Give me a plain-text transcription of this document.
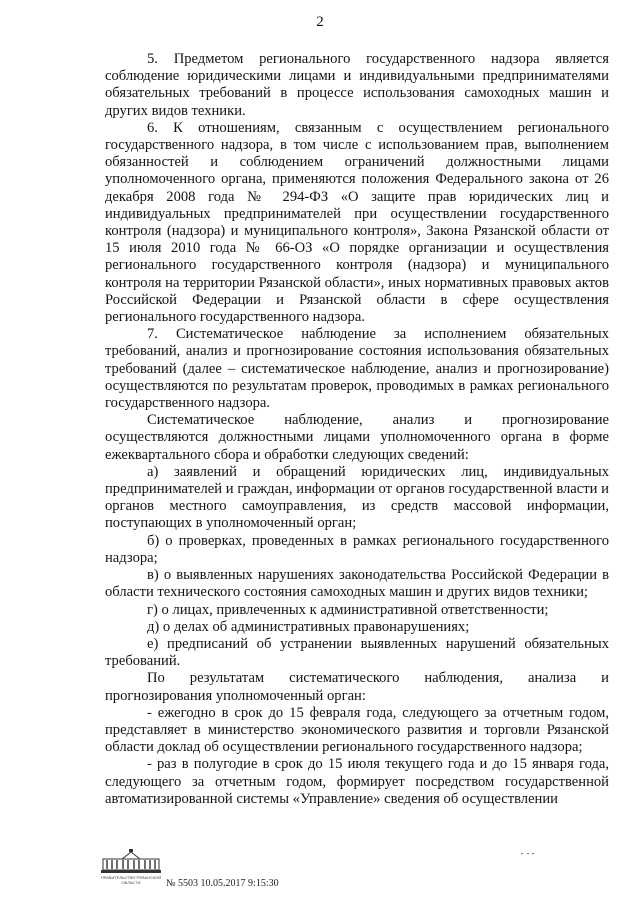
2

5. Предметом регионального государственного надзора является соблюдение юридическими лицами и индивидуальными предпринимателями обязательных требований в процессе использования самоходных машин и других видов техники.

6. К отношениям, связанным с осуществлением регионального государственного надзора, в том числе с использованием прав, выполнением обязанностей и соблюдением ограничений должностными лицами уполномоченного органа, применяются положения Федерального закона от 26 декабря 2008 года № 294-ФЗ «О защите прав юридических лиц и индивидуальных предпринимателей при осуществлении государственного контроля (надзора) и муниципального контроля», Закона Рязанской области от 15 июля 2010 года № 66-ОЗ «О порядке организации и осуществления регионального государственного контроля (надзора) и муниципального контроля на территории Рязанской области», иных нормативных правовых актов Российской Федерации и Рязанской области в сфере осуществления регионального государственного надзора.

7. Систематическое наблюдение за исполнением обязательных требований, анализ и прогнозирование состояния использования обязательных требований (далее – систематическое наблюдение, анализ и прогнозирование) осуществляются по результатам проверок, проводимых в рамках регионального государственного надзора.

Систематическое наблюдение, анализ и прогнозирование осуществляются должностными лицами уполномоченного органа в форме ежеквартального сбора и обработки следующих сведений:

а) заявлений и обращений юридических лиц, индивидуальных предпринимателей и граждан, информации от органов государственной власти и органов местного самоуправления, из средств массовой информации, поступающих в уполномоченный орган;

б) о проверках, проведенных в рамках регионального государственного надзора;

в) о выявленных нарушениях законодательства Российской Федерации в области технического состояния самоходных машин и других видов техники;

г) о лицах, привлеченных к административной ответственности;

д) о делах об административных правонарушениях;

е) предписаний об устранении выявленных нарушений обязательных требований.

По результатам систематического наблюдения, анализа и прогнозирования уполномоченный орган:

- ежегодно в срок до 15 февраля года, следующего за отчетным годом, представляет в министерство экономического развития и торговли Рязанской области доклад об осуществлении регионального государственного надзора;

- раз в полугодие в срок до 15 июля текущего года и до 15 января года, следующего за отчетным годом, формирует посредством государственной автоматизированной системы «Управление» сведения об осуществлении

ПРАВИТЕЛЬСТВО РЯЗАНСКОЙ ОБЛАСТИ	№ 5503 10.05.2017 9:15:30
